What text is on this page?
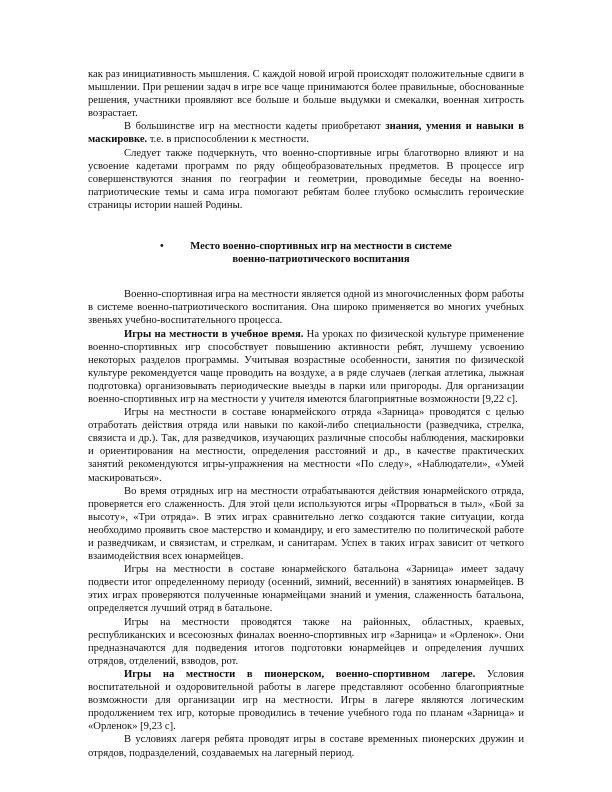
как раз инициативность мышления. С каждой новой игрой происходят положительные сдвиги в мышлении. При решении задач в игре все чаще принимаются более правильные, обоснованные решения, участники проявляют все больше и больше выдумки и смекалки, военная хитрость возрастает.

В большинстве игр на местности кадеты приобретают знания, умения и навыки в маскировке. т.е. в приспособлении к местности.

Следует также подчеркнуть, что военно-спортивные игры благотворно влияют и на усвоение кадетами программ по ряду общеобразовательных предметов. В процессе игр совершенствуются знания по географии и геометрии, проводимые беседы на военно-патриотические темы и сама игра помогают ребятам более глубоко осмыслить героические страницы истории нашей Родины.

•	Место военно-спортивных игр на местности в системе
военно-патриотического воспитания

Военно-спортивная игра на местности является одной из многочисленных форм работы в системе военно-патриотического воспитания. Она широко применяется во многих учебных звеньях учебно-воспитательного процесса.

Игры на местности в учебное время. На уроках по физической культуре применение военно-спортивных игр способствует повышению активности ребят, лучшему усвоению некоторых разделов программы. Учитывая возрастные особенности, занятия по физической культуре рекомендуется чаще проводить на воздухе, а в ряде случаев (легкая атлетика, лыжная подготовка) организовывать периодические выезды в парки или пригороды. Для организации военно-спортивных игр на местности у учителя имеются благоприятные возможности [9,22 с].

Игры на местности в составе юнармейского отряда «Зарница» проводятся с целью отработать действия отряда или навыки по какой-либо специальности (разведчика, стрелка, связиста и др.). Так, для разведчиков, изучающих различные способы наблюдения, маскировки и ориентирования на местности, определения расстояний и др., в качестве практических занятий рекомендуются игры-упражнения на местности «По следу», «Наблюдатели», «Умей маскироваться».

Во время отрядных игр на местности отрабатываются действия юнармейского отряда, проверяется его слаженность. Для этой цели используются игры «Прорваться в тыл», «Бой за высоту», «Три отряда». В этих играх сравнительно легко создаются такие ситуации, когда необходимо проявить свое мастерство и командиру, и его заместителю по политической работе и разведчикам, и связистам, и стрелкам, и санитарам. Успех в таких играх зависит от четкого взаимодействия всех юнармейцев.

Игры на местности в составе юнармейского батальона «Зарница» имеет задачу подвести итог определенному периоду (осенний, зимний, весенний) в занятиях юнармейцев. В этих играх проверяются полученные юнармейцами знаний и умения, слаженность батальона, определяется лучший отряд в батальоне.

Игры на местности проводятся также на районных, областных, краевых, республиканских и всесоюзных финалах военно-спортивных игр «Зарница» и «Орленок». Они предназначаются для подведения итогов подготовки юнармейцев и определения лучших отрядов, отделений, взводов, рот.

Игры на местности в пионерском, военно-спортивном лагере. Условия воспитательной и оздоровительной работы в лагере представляют особенно благоприятные возможности для организации игр на местности. Игры в лагере являются логическим продолжением тех игр, которые проводились в течение учебного года по планам «Зарница» и «Орленок» [9,23 с].

В условиях лагеря ребята проводят игры в составе временных пионерских дружин и отрядов, подразделений, создаваемых на лагерный период.
